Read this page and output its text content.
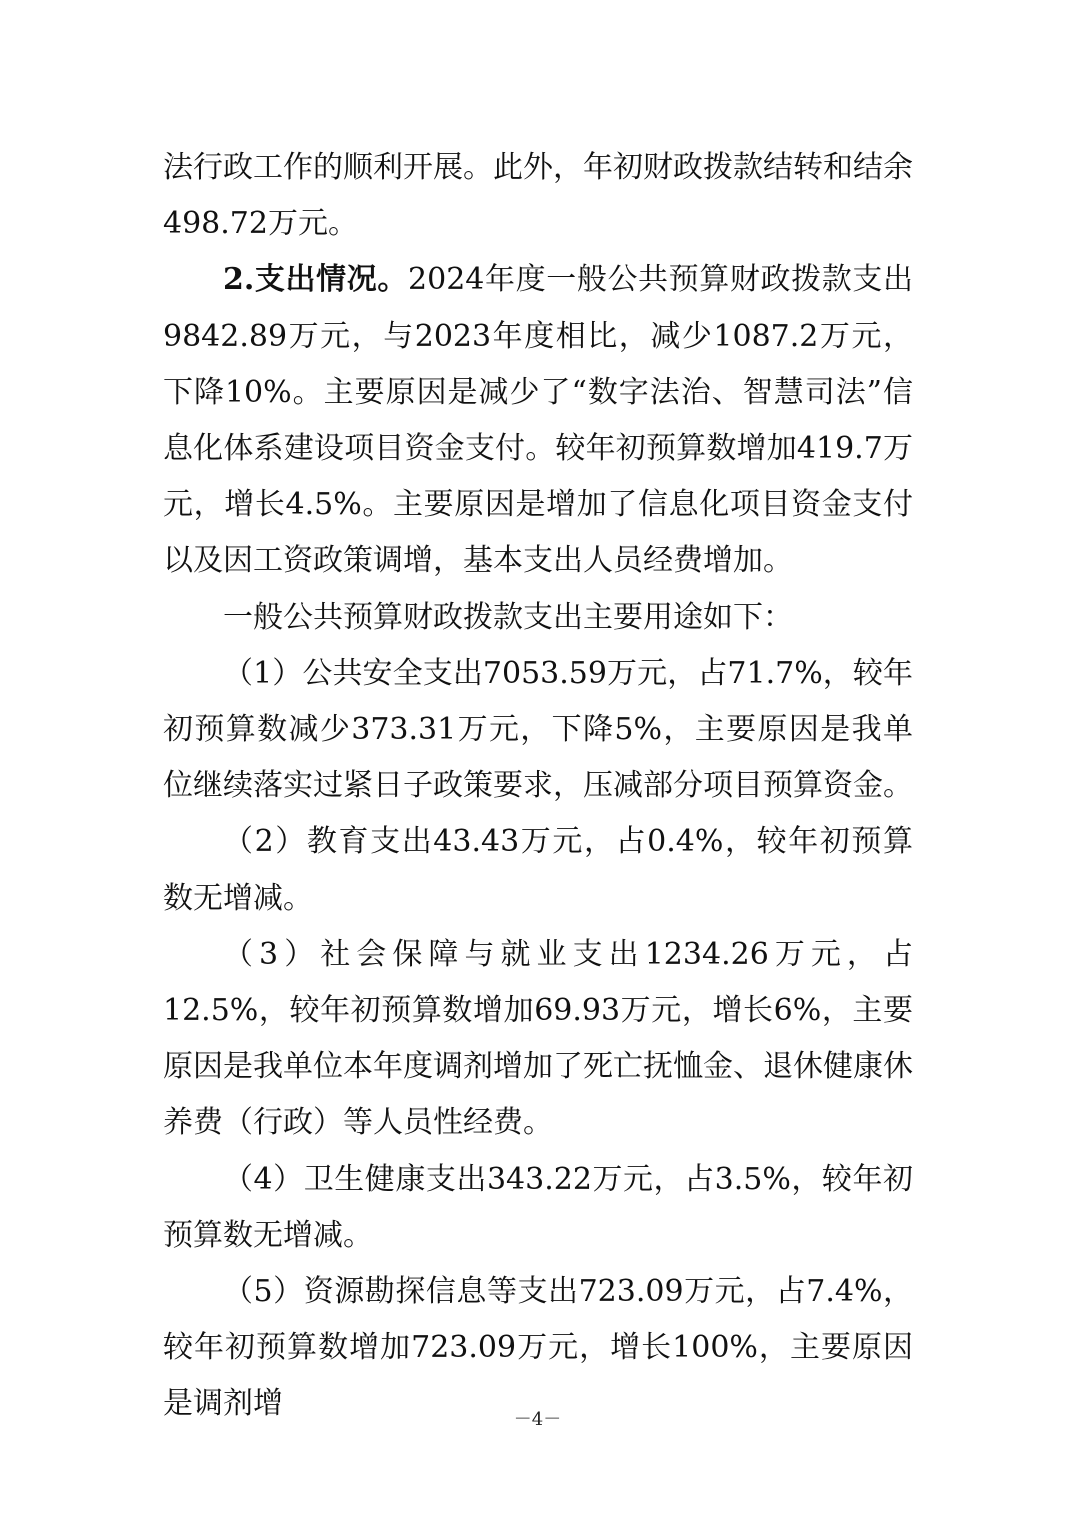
法行政工作的顺利开展。此外，年初财政拨款结转和结余498.72万元。

2.支出情况。2024年度一般公共预算财政拨款支出9842.89万元，与2023年度相比，减少1087.2万元，下降10%。主要原因是减少了“数字法治、智慧司法”信息化体系建设项目资金支付。较年初预算数增加419.7万元，增长4.5%。主要原因是增加了信息化项目资金支付以及因工资政策调增，基本支出人员经费增加。

一般公共预算财政拨款支出主要用途如下：

（1）公共安全支出7053.59万元，占71.7%，较年初预算数减少373.31万元，下降5%，主要原因是我单位继续落实过紧日子政策要求，压减部分项目预算资金。

（2）教育支出43.43万元，占0.4%，较年初预算数无增减。

（3）社会保障与就业支出1234.26万元，占12.5%，较年初预算数增加69.93万元，增长6%，主要原因是我单位本年度调剂增加了死亡抚恤金、退休健康休养费（行政）等人员性经费。

（4）卫生健康支出343.22万元，占3.5%，较年初预算数无增减。

（5）资源勘探信息等支出723.09万元，占7.4%，较年初预算数增加723.09万元，增长100%，主要原因是调剂增	－4－
